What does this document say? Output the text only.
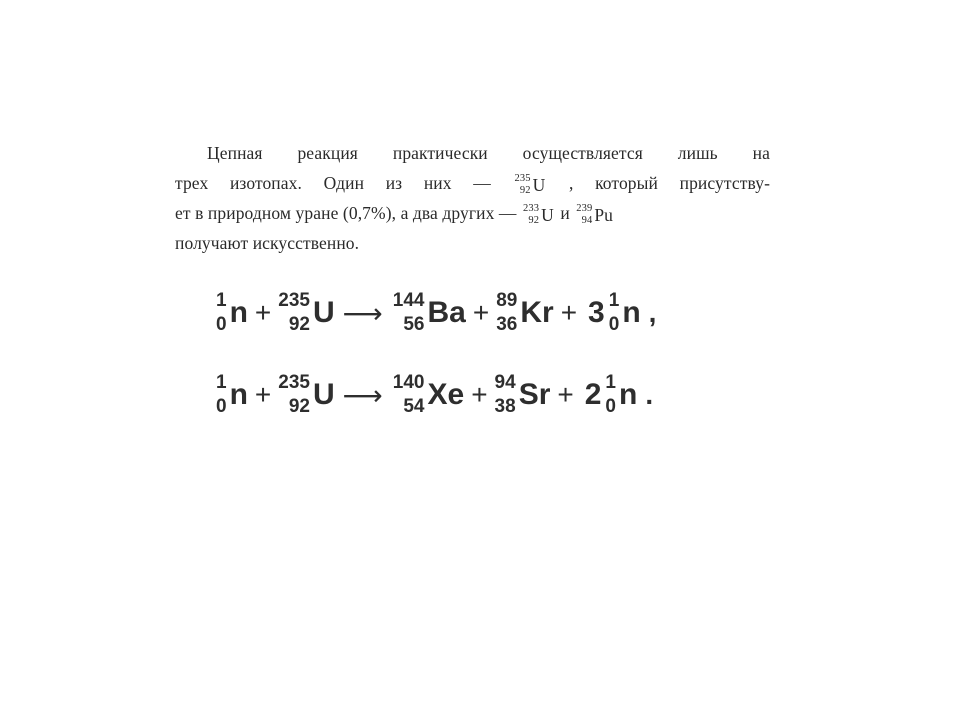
Цепная реакция практически осуществляется лишь на
трех изотопах. Один из них — 235
92 U , который присутству-
ет в природном уране (0,7%), а два других — 233
92 U и 239
94 Pu
получают искусственно.
1
0 n + 235
92 U ⟶ 144
56 Ba + 89
36 Kr + 3 1
0 n ,
1
0 n + 235
92 U ⟶ 140
54 Xe + 94
38 Sr + 2 1
0 n .
